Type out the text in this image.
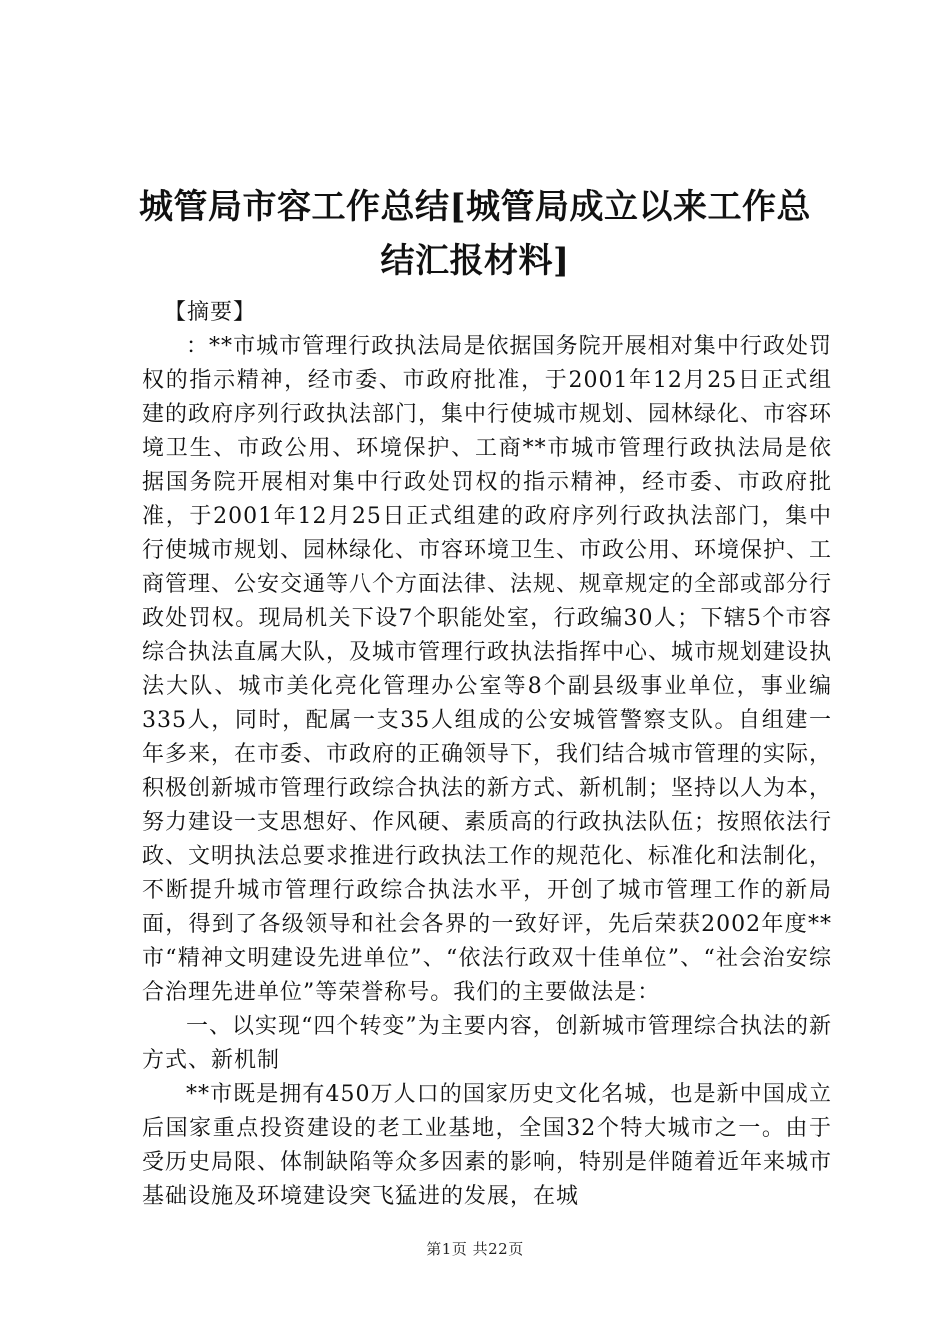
城管局市容工作总结[城管局成立以来工作总
结汇报材料]

【摘要】

：**市城市管理行政执法局是依据国务院开展相对集中行政处罚权的指示精神，经市委、市政府批准，于2001年12月25日正式组建的政府序列行政执法部门，集中行使城市规划、园林绿化、市容环境卫生、市政公用、环境保护、工商**市城市管理行政执法局是依据国务院开展相对集中行政处罚权的指示精神，经市委、市政府批准，于2001年12月25日正式组建的政府序列行政执法部门，集中行使城市规划、园林绿化、市容环境卫生、市政公用、环境保护、工商管理、公安交通等八个方面法律、法规、规章规定的全部或部分行政处罚权。现局机关下设7个职能处室，行政编30人；下辖5个市容综合执法直属大队，及城市管理行政执法指挥中心、城市规划建设执法大队、城市美化亮化管理办公室等8个副县级事业单位，事业编335人，同时，配属一支35人组成的公安城管警察支队。自组建一年多来，在市委、市政府的正确领导下，我们结合城市管理的实际，积极创新城市管理行政综合执法的新方式、新机制；坚持以人为本，努力建设一支思想好、作风硬、素质高的行政执法队伍；按照依法行政、文明执法总要求推进行政执法工作的规范化、标准化和法制化，不断提升城市管理行政综合执法水平，开创了城市管理工作的新局面，得到了各级领导和社会各界的一致好评，先后荣获2002年度**市“精神文明建设先进单位”、“依法行政双十佳单位”、“社会治安综合治理先进单位”等荣誉称号。我们的主要做法是：

一、以实现“四个转变”为主要内容，创新城市管理综合执法的新方式、新机制

**市既是拥有450万人口的国家历史文化名城，也是新中国成立后国家重点投资建设的老工业基地，全国32个特大城市之一。由于受历史局限、体制缺陷等众多因素的影响，特别是伴随着近年来城市基础设施及环境建设突飞猛进的发展，在城

第1页 共22页
